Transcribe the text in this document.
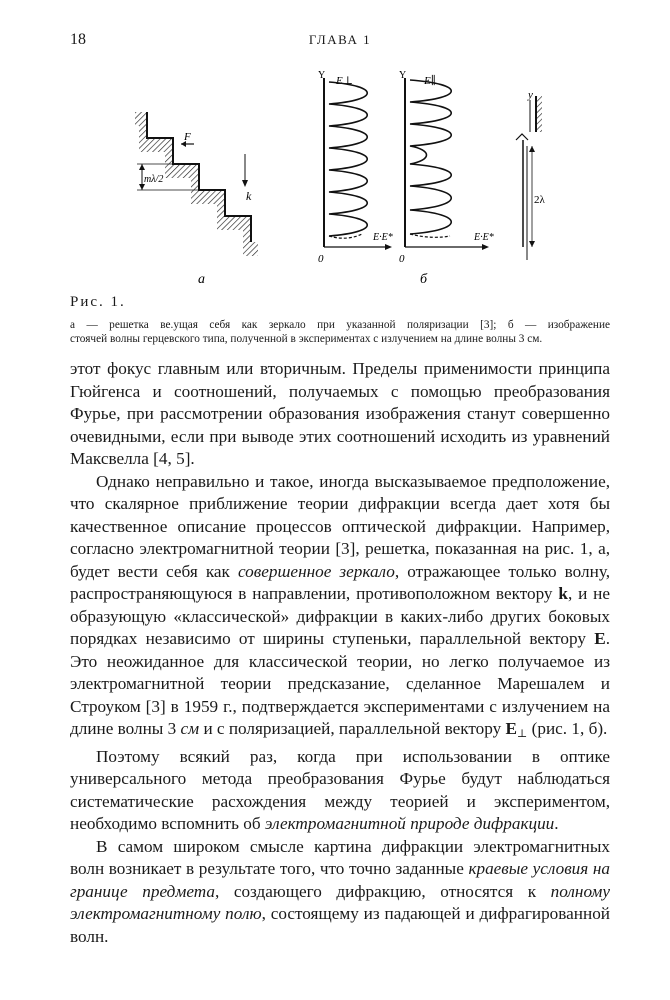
18	ГЛАВА 1
F
mλ/2
k
а
Y E⊥
E·E*
0
Y E∥
E·E*
0
б
y
2λ
Рис. 1.
а — решетка ве.ущая себя как зеркало при указанной поляризации [3]; б — изображение
стоячей волны герцевского типа, полученной в экспериментах с излучением на длине волны 3 см.

этот фокус главным или вторичным. Пределы применимости принципа Гюйгенса и соотношений, получаемых с помощью преобразования Фурье, при рассмотрении образования изображения станут совершенно очевидными, если при выводе этих соотношений исходить из уравнений Максвелла [4, 5].

Однако неправильно и такое, иногда высказываемое предположение, что скалярное приближение теории дифракции всегда дает хотя бы качественное описание процессов оптической дифракции. Например, согласно электромагнитной теории [3], решетка, показанная на рис. 1, а, будет вести себя как совершенное зеркало, отражающее только волну, распространяющуюся в направлении, противоположном вектору k, и не образующую «классической» дифракции в каких-либо других боковых порядках независимо от ширины ступеньки, параллельной вектору E. Это неожиданное для классической теории, но легко получаемое из электромагнитной теории предсказание, сделанное Марешалем и Строуком [3] в 1959 г., подтверждается экспериментами с излучением на длине волны 3 см и с поляризацией, параллельной вектору $E_\perp$ (рис. 1, б).

Поэтому всякий раз, когда при использовании в оптике универсального метода преобразования Фурье будут наблюдаться систематические расхождения между теорией и экспериментом, необходимо вспомнить об электромагнитной природе дифракции.

В самом широком смысле картина дифракции электромагнитных волн возникает в результате того, что точно заданные краевые условия на границе предмета, создающего дифракцию, относятся к полному электромагнитному полю, состоящему из падающей и дифрагированной волн.
